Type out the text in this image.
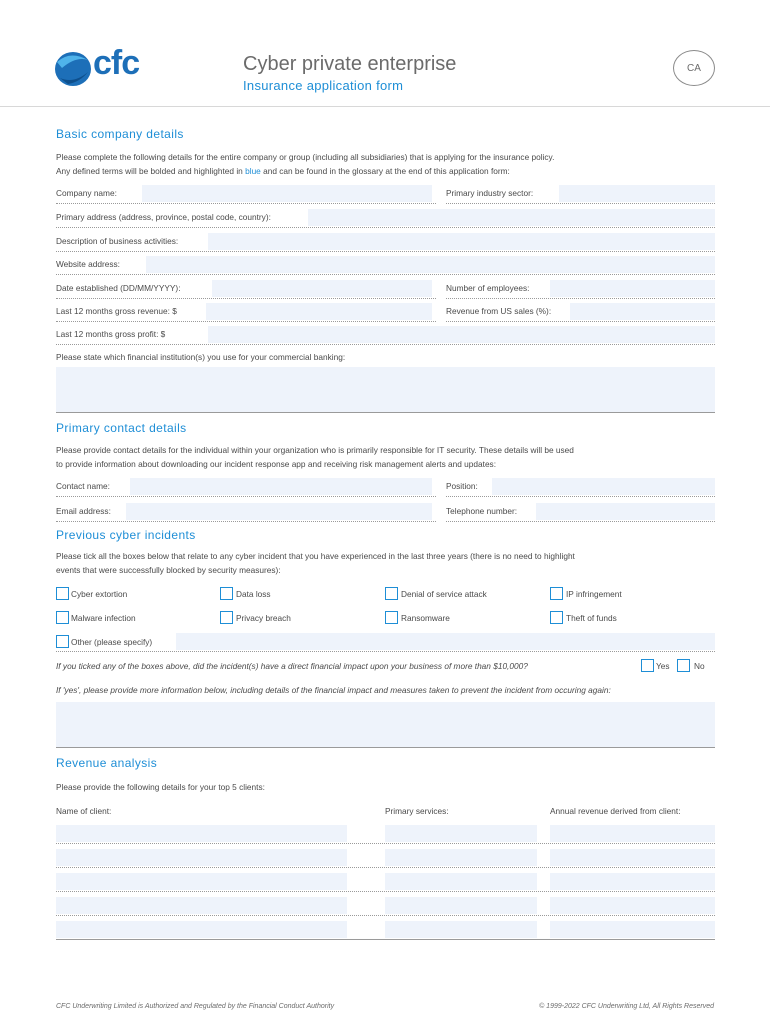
cfc	Cyber private enterprise
Insurance application form
CA
Basic company details
Please complete the following details for the entire company or group (including all subsidiaries) that is applying for the insurance policy.
Any defined terms will be bolded and highlighted in blue and can be found in the glossary at the end of this application form:
Company name:	Primary industry sector:
Primary address (address, province, postal code, country):
Description of business activities:
Website address:
Date established (DD/MM/YYYY):	Number of employees:
Last 12 months gross revenue: $	Revenue from US sales (%):
Last 12 months gross profit: $
Please state which financial institution(s) you use for your commercial banking:
Primary contact details
Please provide contact details for the individual within your organization who is primarily responsible for IT security. These details will be used
to provide information about downloading our incident response app and receiving risk management alerts and updates:
Contact name:	Position:
Email address:	Telephone number:
Previous cyber incidents
Please tick all the boxes below that relate to any cyber incident that you have experienced in the last three years (there is no need to highlight
events that were successfully blocked by security measures):
Cyber extortion	Data loss	Denial of service attack	IP infringement
Malware infection	Privacy breach	Ransomware	Theft of funds
Other (please specify)
If you ticked any of the boxes above, did the incident(s) have a direct financial impact upon your business of more than $10,000?	Yes	No
If 'yes', please provide more information below, including details of the financial impact and measures taken to prevent the incident from occuring again:
Revenue analysis
Please provide the following details for your top 5 clients:
Name of client:	Primary services:	Annual revenue derived from client:
CFC Underwriting Limited is Authorized and Regulated by the Financial Conduct Authority	© 1999-2022 CFC Underwriting Ltd, All Rights Reserved
